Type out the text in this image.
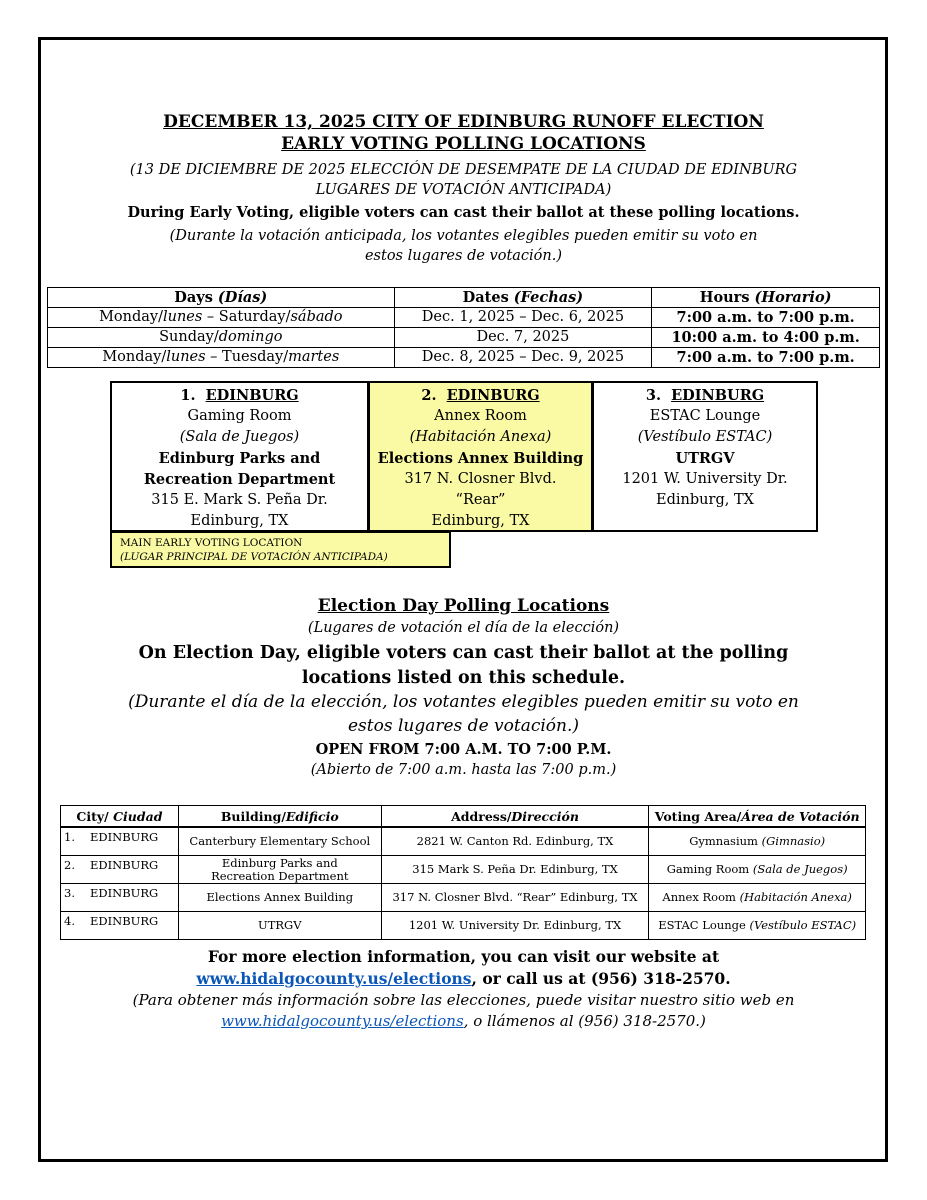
DECEMBER 13, 2025 CITY OF EDINBURG RUNOFF ELECTION
EARLY VOTING POLLING LOCATIONS
(13 DE DICIEMBRE DE 2025 ELECCIÓN DE DESEMPATE DE LA CIUDAD DE EDINBURG
LUGARES DE VOTACIÓN ANTICIPADA)
During Early Voting, eligible voters can cast their ballot at these polling locations.
(Durante la votación anticipada, los votantes elegibles pueden emitir su voto en
estos lugares de votación.)
Days (Días)	Dates (Fechas)	Hours (Horario)
Monday/lunes – Saturday/sábado	Dec. 1, 2025 – Dec. 6, 2025	7:00 a.m. to 7:00 p.m.
Sunday/domingo	Dec. 7, 2025	10:00 a.m. to 4:00 p.m.
Monday/lunes – Tuesday/martes	Dec. 8, 2025 – Dec. 9, 2025	7:00 a.m. to 7:00 p.m.
1. EDINBURG
Gaming Room
(Sala de Juegos)
Edinburg Parks and
Recreation Department
315 E. Mark S. Peña Dr.
Edinburg, TX
2. EDINBURG
Annex Room
(Habitación Anexa)
Elections Annex Building
317 N. Closner Blvd.
“Rear”
Edinburg, TX
3. EDINBURG
ESTAC Lounge
(Vestíbulo ESTAC)
UTRGV
1201 W. University Dr.
Edinburg, TX
MAIN EARLY VOTING LOCATION
(LUGAR PRINCIPAL DE VOTACIÓN ANTICIPADA)
Election Day Polling Locations
(Lugares de votación el día de la elección)
On Election Day, eligible voters can cast their ballot at the polling
locations listed on this schedule.
(Durante el día de la elección, los votantes elegibles pueden emitir su voto en
estos lugares de votación.)
OPEN FROM 7:00 A.M. TO 7:00 P.M.
(Abierto de 7:00 a.m. hasta las 7:00 p.m.)
City/ Ciudad	Building/Edificio	Address/Dirección	Voting Area/Área de Votación
1. EDINBURG	Canterbury Elementary School	2821 W. Canton Rd. Edinburg, TX	Gymnasium (Gimnasio)
2. EDINBURG	Edinburg Parks and
Recreation Department	315 Mark S. Peña Dr. Edinburg, TX	Gaming Room (Sala de Juegos)
3. EDINBURG	Elections Annex Building	317 N. Closner Blvd. “Rear” Edinburg, TX	Annex Room (Habitación Anexa)
4. EDINBURG	UTRGV	1201 W. University Dr. Edinburg, TX	ESTAC Lounge (Vestíbulo ESTAC)
For more election information, you can visit our website at
www.hidalgocounty.us/elections, or call us at (956) 318-2570.
(Para obtener más información sobre las elecciones, puede visitar nuestro sitio web en
www.hidalgocounty.us/elections, o llámenos al (956) 318-2570.)
